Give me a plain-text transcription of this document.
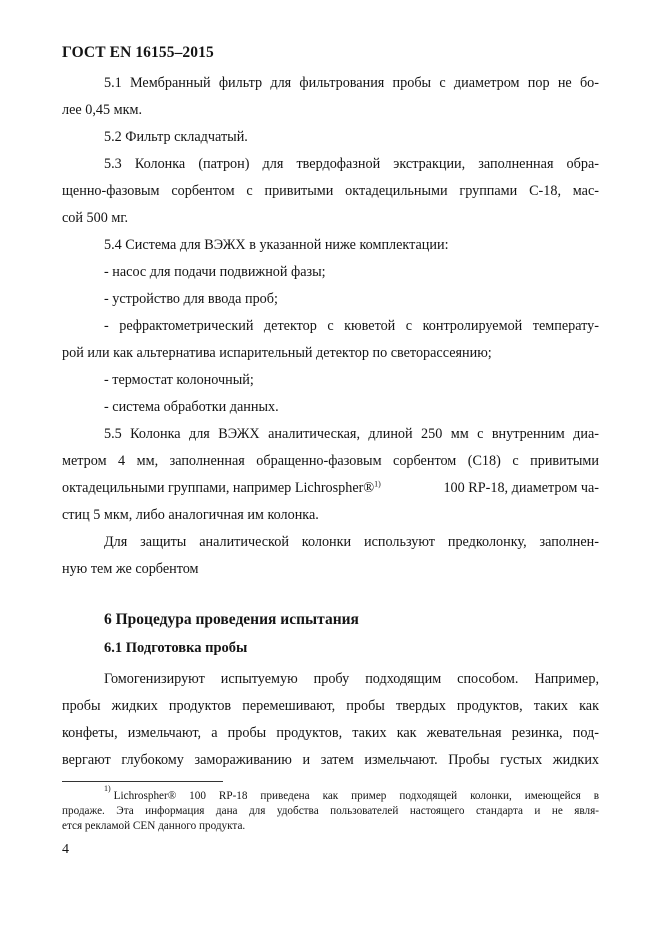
ГОСТ EN 16155–2015
5.1 Мембранный фильтр для фильтрования пробы с диаметром пор не бо-
лее 0,45 мкм.
5.2 Фильтр складчатый.
5.3 Колонка (патрон) для твердофазной экстракции, заполненная обра-
щенно-фазовым сорбентом с привитыми октадецильными группами С-18, мас-
сой 500 мг.
5.4 Система для ВЭЖХ в указанной ниже комплектации:
- насос для подачи подвижной фазы;
- устройство для ввода проб;
- рефрактометрический детектор с кюветой с контролируемой температу-
рой или как альтернатива испарительный детектор по светорассеянию;
- термостат колоночный;
- система обработки данных.
5.5 Колонка для ВЭЖХ аналитическая, длиной 250 мм с внутренним диа-
метром 4 мм, заполненная обращенно-фазовым сорбентом (С18) с привитыми
октадецильными группами, например Lichrospher®$^{1)}$	100 RP-18, диаметром ча-
стиц 5 мкм, либо аналогичная им колонка.
Для защиты аналитической колонки используют предколонку, заполнен-
ную тем же сорбентом
6 Процедура проведения испытания
6.1 Подготовка пробы
Гомогенизируют испытуемую пробу подходящим способом. Например,
пробы жидких продуктов перемешивают, пробы твердых продуктов, таких как
конфеты, измельчают, а пробы продуктов, таких как жевательная резинка, под-
вергают глубокому замораживанию и затем измельчают. Пробы густых жидких
1)
Lichrospher® 100 RP-18 приведена как пример подходящей колонки, имеющейся в
продаже. Эта информация дана для удобства пользователей настоящего стандарта и не явля-
ется рекламой CEN данного продукта.
4
